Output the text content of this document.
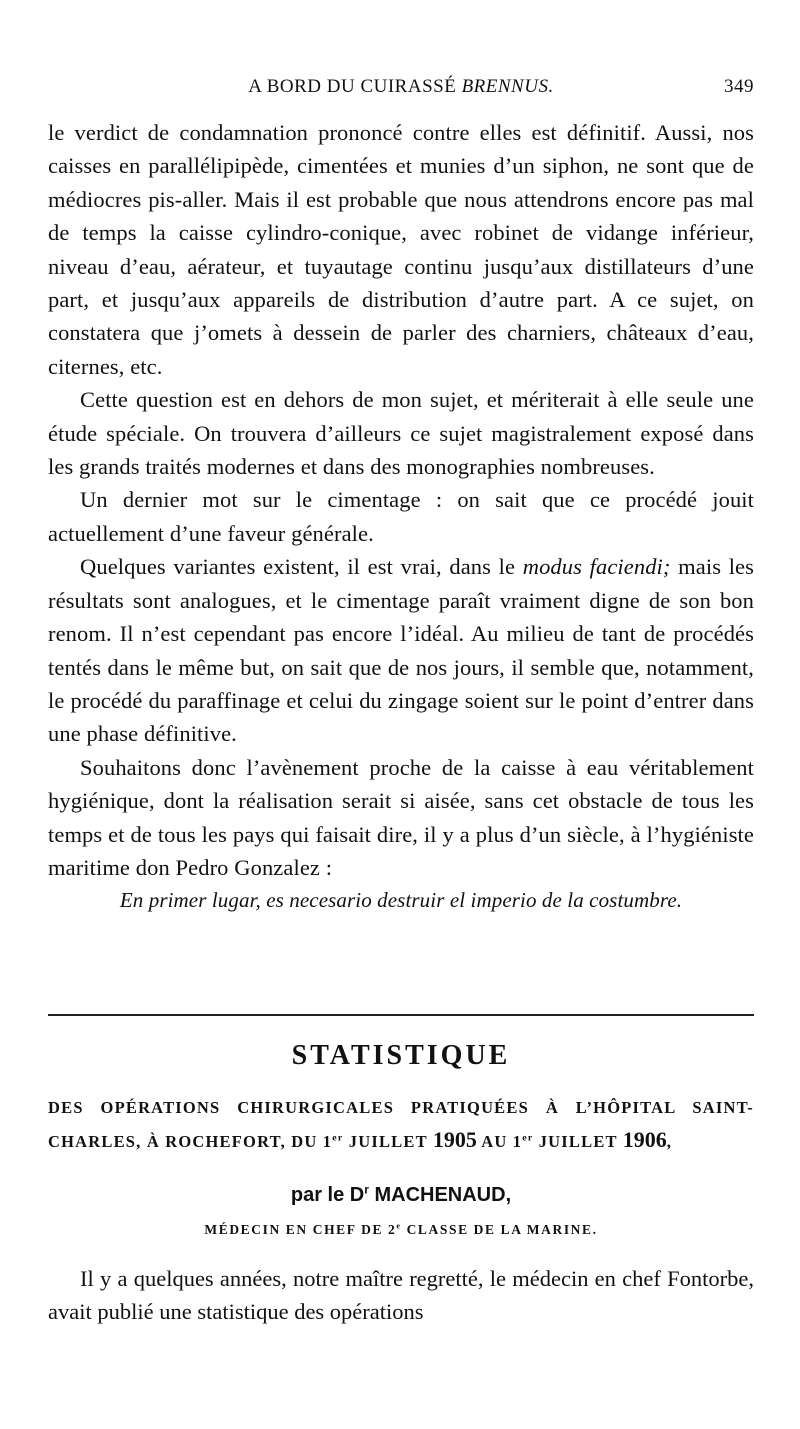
A BORD DU CUIRASSÉ BRENNUS.	349

le verdict de condamnation prononcé contre elles est définitif. Aussi, nos caisses en parallélipipède, cimentées et munies d’un siphon, ne sont que de médiocres pis-aller. Mais il est probable que nous attendrons encore pas mal de temps la caisse cylindro-conique, avec robinet de vidange inférieur, niveau d’eau, aérateur, et tuyautage continu jusqu’aux distillateurs d’une part, et jusqu’aux appareils de distribution d’autre part. A ce sujet, on constatera que j’omets à dessein de parler des charniers, châteaux d’eau, citernes, etc.

Cette question est en dehors de mon sujet, et mériterait à elle seule une étude spéciale. On trouvera d’ailleurs ce sujet magistralement exposé dans les grands traités modernes et dans des monographies nombreuses.

Un dernier mot sur le cimentage : on sait que ce procédé jouit actuellement d’une faveur générale.

Quelques variantes existent, il est vrai, dans le modus faciendi; mais les résultats sont analogues, et le cimentage paraît vraiment digne de son bon renom. Il n’est cependant pas encore l’idéal. Au milieu de tant de procédés tentés dans le même but, on sait que de nos jours, il semble que, notamment, le procédé du paraffinage et celui du zingage soient sur le point d’entrer dans une phase définitive.

Souhaitons donc l’avènement proche de la caisse à eau véritablement hygiénique, dont la réalisation serait si aisée, sans cet obstacle de tous les temps et de tous les pays qui faisait dire, il y a plus d’un siècle, à l’hygiéniste maritime don Pedro Gonzalez :

En primer lugar, es necesario destruir el imperio de la costumbre.

STATISTIQUE
DES OPÉRATIONS CHIRURGICALES PRATIQUÉES À L’HÔPITAL SAINT-CHARLES, À ROCHEFORT, DU 1er JUILLET 1905 AU 1er JUILLET 1906,
par le $D^r$ MACHENAUD,
MÉDECIN EN CHEF DE 2e CLASSE DE LA MARINE.

Il y a quelques années, notre maître regretté, le médecin en chef Fontorbe, avait publié une statistique des opérations
